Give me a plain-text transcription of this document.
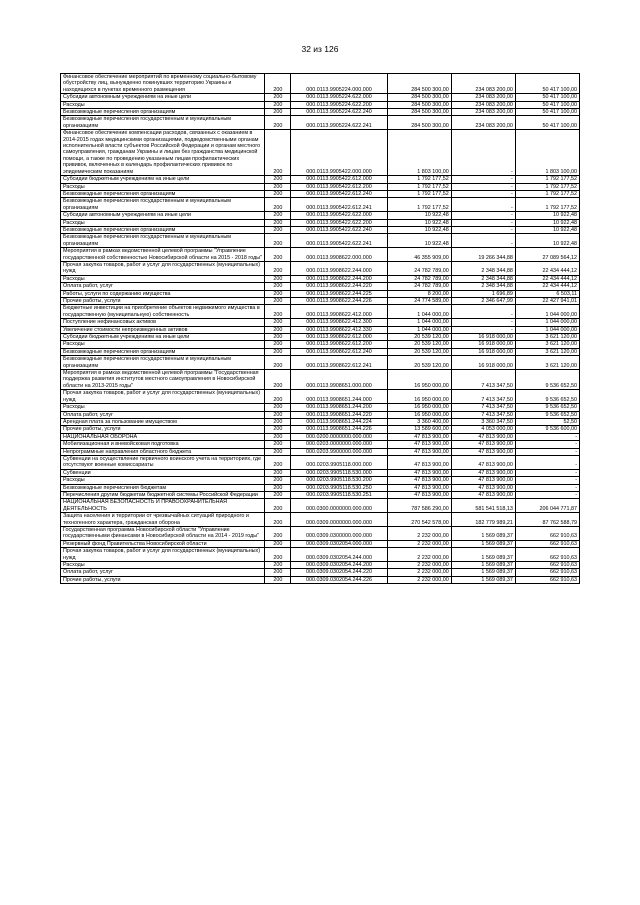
32 из 126
Финансовое обеспечение мероприятий по временному социально-бытовому обустройству лиц, вынужденно покинувших территорию Украины и находящихся в пунктах временного размещения	200	000.0113.9905224.000.000	284 500 300,00	234 083 200,00	50 417 100,00
Субсидии автономным учреждениям на иные цели	200	000.0113.9905224.622.000	284 500 300,00	234 083 200,00	50 417 100,00
Расходы	200	000.0113.9905224.622.200	284 500 300,00	234 083 200,00	50 417 100,00
Безвозмездные перечисления организациям	200	000.0113.9905224.622.240	284 500 300,00	234 083 200,00	50 417 100,00
Безвозмездные перечисления государственным и муниципальным организациям	200	000.0113.9905224.622.241	284 500 300,00	234 083 200,00	50 417 100,00
Финансовое обеспечение компенсации расходов, связанных с оказанием в 2014-2015 годах медицинскими организациями, подведомственными органам исполнительной власти субъектов Российской Федерации и органам местного самоуправления, гражданам Украины и лицам без гражданства медицинской помощи, а также по проведению указанным лицам профилактических прививок, включенных в календарь профилактических прививок по эпидемическим показаниям	200	000.0113.9905422.000.000	1 803 100,00	-	1 803 100,00
Субсидии бюджетным учреждениям на иные цели	200	000.0113.9905422.612.000	1 792 177,52	-	1 792 177,52
Расходы	200	000.0113.9905422.612.200	1 792 177,52	-	1 792 177,52
Безвозмездные перечисления организациям	200	000.0113.9905422.612.240	1 792 177,52	-	1 792 177,52
Безвозмездные перечисления государственным и муниципальным организациям	200	000.0113.9905422.612.241	1 792 177,52	-	1 792 177,52
Субсидии автономным учреждениям на иные цели	200	000.0113.9905422.622.000	10 922,48	-	10 922,48
Расходы	200	000.0113.9905422.622.200	10 922,48	-	10 922,48
Безвозмездные перечисления организациям	200	000.0113.9905422.622.240	10 922,48	-	10 922,48
Безвозмездные перечисления государственным и муниципальным организациям	200	000.0113.9905422.622.241	10 922,48	-	10 922,48
Мероприятия в рамках ведомственной целевой программы "Управление государственной собственностью Новосибирской области на 2015 - 2018 годы"	200	000.0113.9908622.000.000	46 355 909,00	19 266 344,88	27 089 564,12
Прочая закупка товаров, работ и услуг для государственных (муниципальных) нужд	200	000.0113.9908622.244.000	24 782 789,00	2 348 344,88	22 434 444,12
Расходы	200	000.0113.9908622.244.200	24 782 789,00	2 348 344,88	22 434 444,12
Оплата работ, услуг	200	000.0113.9908622.244.220	24 782 789,00	2 348 344,88	22 434 444,12
Работы, услуги по содержанию имущества	200	000.0113.9908622.244.225	8 200,00	1 696,89	6 503,11
Прочие работы, услуги	200	000.0113.9908622.244.226	24 774 589,00	2 346 647,99	22 427 941,01
Бюджетные инвестиции на приобретение объектов недвижимого имущества в государственную (муниципальную) собственность	200	000.0113.9908622.412.000	1 044 000,00	-	1 044 000,00
Поступление нефинансовых активов	200	000.0113.9908622.412.300	1 044 000,00	-	1 044 000,00
Увеличение стоимости непроизведенных активов	200	000.0113.9908622.412.330	1 044 000,00	-	1 044 000,00
Субсидии бюджетным учреждениям на иные цели	200	000.0113.9908622.612.000	20 539 120,00	16 918 000,00	3 621 120,00
Расходы	200	000.0113.9908622.612.200	20 539 120,00	16 918 000,00	3 621 120,00
Безвозмездные перечисления организациям	200	000.0113.9908622.612.240	20 539 120,00	16 918 000,00	3 621 120,00
Безвозмездные перечисления государственным и муниципальным организациям	200	000.0113.9908622.612.241	20 539 120,00	16 918 000,00	3 621 120,00
Мероприятия в рамках ведомственной целевой программы "Государственная поддержка развития институтов местного самоуправления в Новосибирской области на 2013-2015 годы"	200	000.0113.9908651.000.000	16 950 000,00	7 413 347,50	9 536 652,50
Прочая закупка товаров, работ и услуг для государственных (муниципальных) нужд	200	000.0113.9908651.244.000	16 950 000,00	7 413 347,50	9 536 652,50
Расходы	200	000.0113.9908651.244.200	16 950 000,00	7 413 347,50	9 536 652,50
Оплата работ, услуг	200	000.0113.9908651.244.220	16 950 000,00	7 413 347,50	9 536 652,50
Арендная плата за пользование имуществом	200	000.0113.9908651.244.224	3 360 400,00	3 360 347,50	52,50
Прочие работы, услуги	200	000.0113.9908651.244.226	13 589 600,00	4 053 000,00	9 536 600,00
НАЦИОНАЛЬНАЯ ОБОРОНА	200	000.0200.0000000.000.000	47 813 900,00	47 813 900,00	-
Мобилизационная и вневойсковая подготовка	200	000.0203.0000000.000.000	47 813 900,00	47 813 900,00	-
Непрограммные направления областного бюджета	200	000.0203.9900000.000.000	47 813 900,00	47 813 900,00	-
Субвенции на осуществление первичного воинского учета на территориях, где отсутствуют военные комиссариаты	200	000.0203.9905118.000.000	47 813 900,00	47 813 900,00	-
Субвенции	200	000.0203.9905118.530.000	47 813 900,00	47 813 900,00	-
Расходы	200	000.0203.9905118.530.200	47 813 900,00	47 813 900,00	-
Безвозмездные перечисления бюджетам	200	000.0203.9905118.530.250	47 813 900,00	47 813 900,00	-
Перечисления другим бюджетам бюджетной системы Российской Федерации	200	000.0203.9905118.530.251	47 813 900,00	47 813 900,00	-
НАЦИОНАЛЬНАЯ БЕЗОПАСНОСТЬ И ПРАВООХРАНИТЕЛЬНАЯ ДЕЯТЕЛЬНОСТЬ	200	000.0300.0000000.000.000	787 586 290,00	581 541 518,13	206 044 771,87
Защита населения и территории от чрезвычайных ситуаций природного и техногенного характера, гражданская оборона	200	000.0309.0000000.000.000	270 542 578,00	182 779 989,21	87 762 588,79
Государственная программа Новосибирской области "Управление государственными финансами в Новосибирской области на 2014 - 2019 годы"	200	000.0309.0300000.000.000	2 232 000,00	1 569 089,37	662 910,63
Резервный фонд Правительства Новосибирской области	200	000.0309.0302054.000.000	2 232 000,00	1 569 089,37	662 910,63
Прочая закупка товаров, работ и услуг для государственных (муниципальных) нужд	200	000.0309.0302054.244.000	2 232 000,00	1 569 089,37	662 910,63
Расходы	200	000.0309.0302054.244.200	2 232 000,00	1 569 089,37	662 910,63
Оплата работ, услуг	200	000.0309.0302054.244.220	2 232 000,00	1 569 089,37	662 910,63
Прочие работы, услуги	200	000.0309.0302054.244.226	2 232 000,00	1 569 089,37	662 910,63
